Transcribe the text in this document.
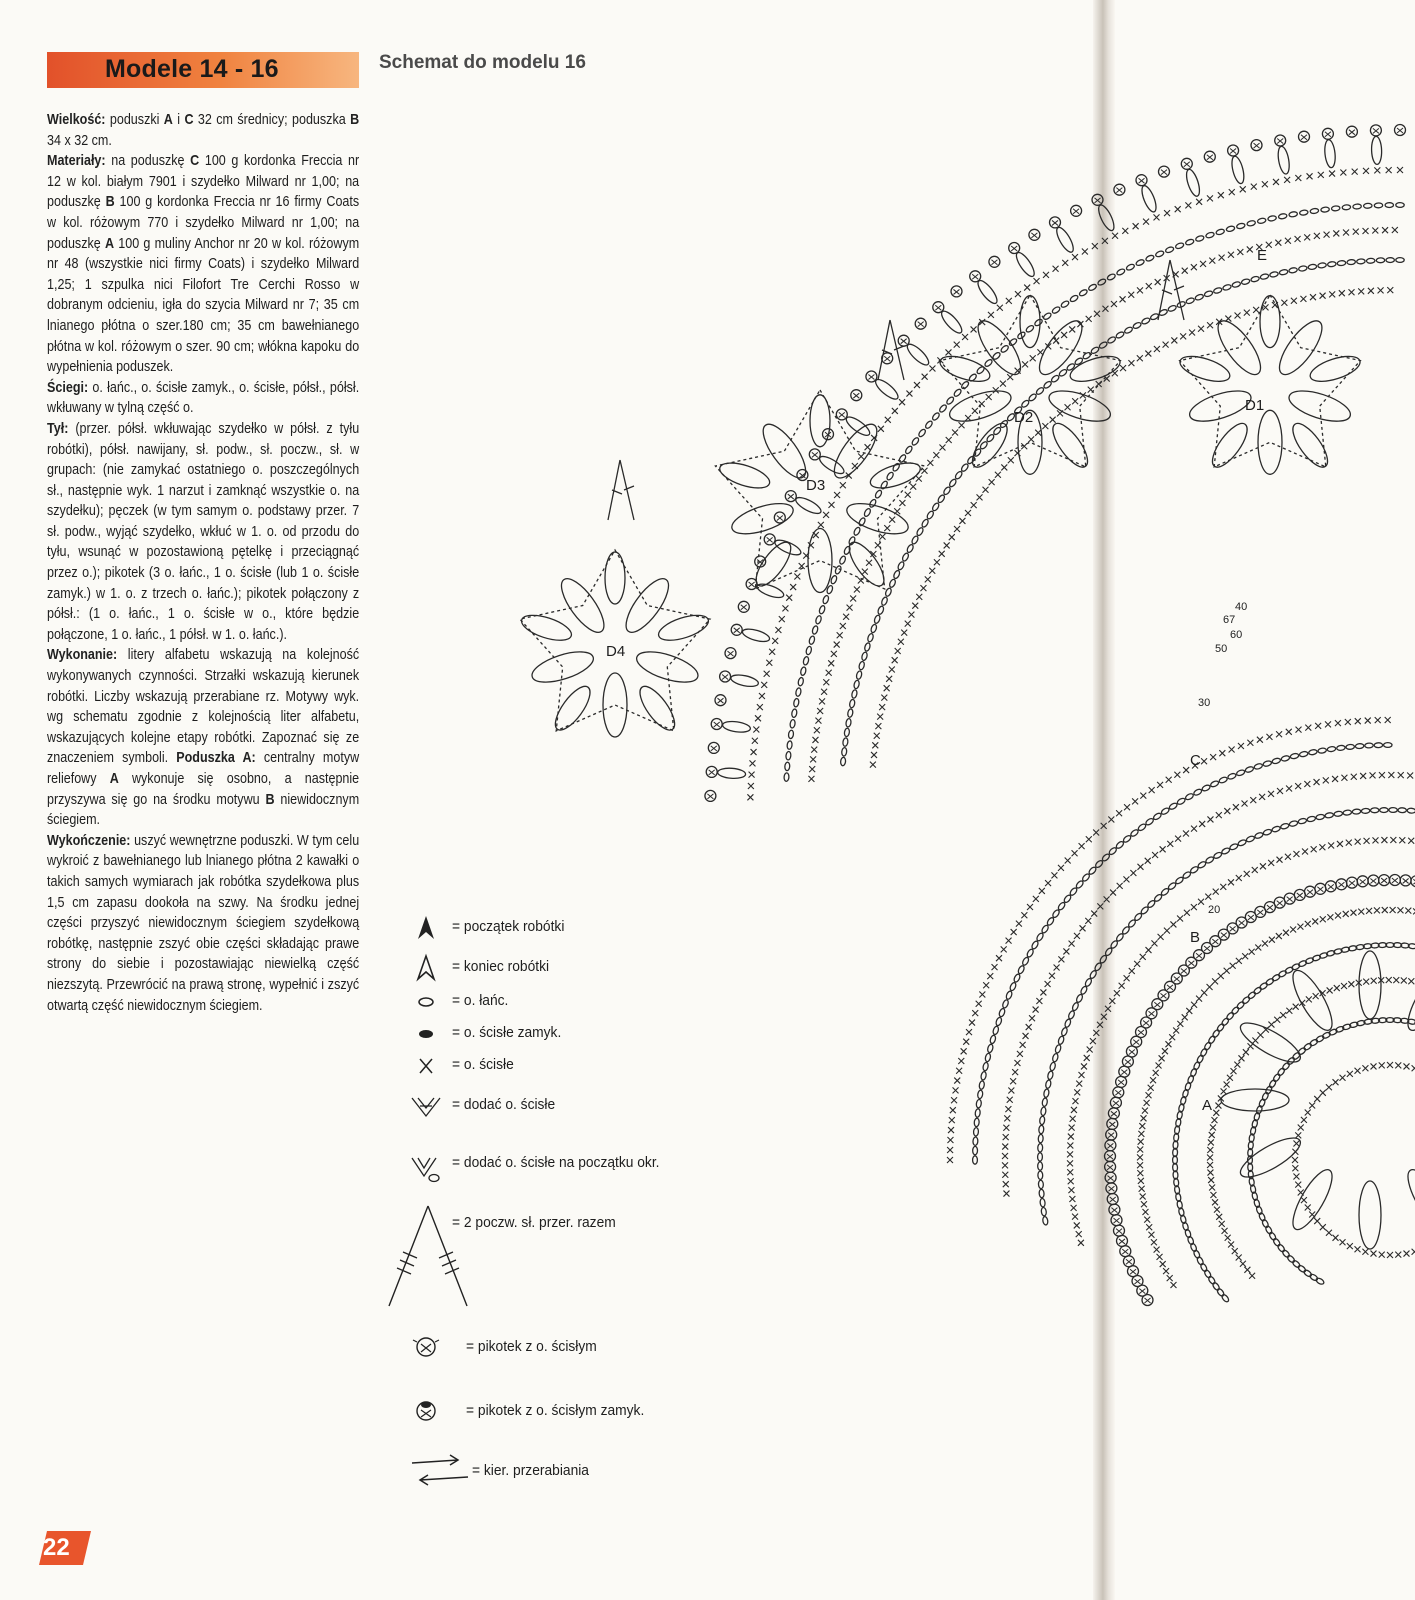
Modele 14 - 16
Wielkość: poduszki A i C 32 cm średnicy; poduszka B 34 x 32 cm.
Materiały: na poduszkę C 100 g kordonka Freccia nr 12 w kol. białym 7901 i szydełko Milward nr 1,00; na poduszkę B 100 g kordonka Freccia nr 16 firmy Coats w kol. różowym 770 i szydełko Milward nr 1,00; na poduszkę A 100 g muliny Anchor nr 20 w kol. różowym nr 48 (wszystkie nici firmy Coats) i szydełko Milward 1,25; 1 szpulka nici Filofort Tre Cerchi Rosso w dobranym odcieniu, igła do szycia Milward nr 7; 35 cm lnianego płótna o szer.180 cm; 35 cm bawełnianego płótna w kol. różowym o szer. 90 cm; włókna kapoku do wypełnienia poduszek.
Ściegi: o. łańc., o. ścisłe zamyk., o. ścisłe, półsł., półsł. wkłuwany w tylną część o.
Tył: (przer. półsł. wkłuwając szydełko w półsł. z tyłu robótki), półsł. nawijany, sł. podw., sł. poczw., sł. w grupach: (nie zamykać ostatniego o. poszczególnych sł., następnie wyk. 1 narzut i zamknąć wszystkie o. na szydełku); pęczek (w tym samym o. podstawy przer. 7 sł. podw., wyjąć szydełko, wkłuć w 1. o. od przodu do tyłu, wsunąć w pozostawioną pętelkę i przeciągnąć przez o.); pikotek (3 o. łańc., 1 o. ścisłe (lub 1 o. ścisłe zamyk.) w 1. o. z trzech o. łańc.); pikotek połączony z półsł.: (1 o. łańc., 1 o. ścisłe w o., które będzie połączone, 1 o. łańc., 1 półsł. w 1. o. łańc.).
Wykonanie: litery alfabetu wskazują na kolejność wykonywanych czynności. Strzałki wskazują kierunek robótki. Liczby wskazują przerabiane rz. Motywy wyk. wg schematu zgodnie z kolejnością liter alfabetu, wskazujących kolejne etapy robótki. Zapoznać się ze znaczeniem symboli. Poduszka A: centralny motyw reliefowy A wykonuje się osobno, a następnie przyszywa się go na środku motywu B niewidocznym ściegiem.
Wykończenie: uszyć wewnętrzne poduszki. W tym celu wykroić z bawełnianego lub lnianego płótna 2 kawałki o takich samych wymiarach jak robótka szydełkowa plus 1,5 cm zapasu dookoła na szwy. Na środku jednej części przyszyć niewidocznym ściegiem szydełkową robótkę, następnie zszyć obie części składając prawe strony do siebie i pozostawiając niewielką część niezszytą. Przewrócić na prawą stronę, wypełnić i zszyć otwartą część niewidocznym ściegiem.
Schemat do modelu 16
D3
D4
D2
D1
E
C
B
A
20
30
50
60
67
40
= początek robótki
= koniec robótki
= o. łańc.
= o. ścisłe zamyk.
= o. ścisłe
= dodać o. ścisłe
= dodać o. ścisłe na początku okr.
= 2 poczw. sł. przer. razem
= pikotek z o. ścisłym
= pikotek z o. ścisłym zamyk.
= kier. przerabiania
22
